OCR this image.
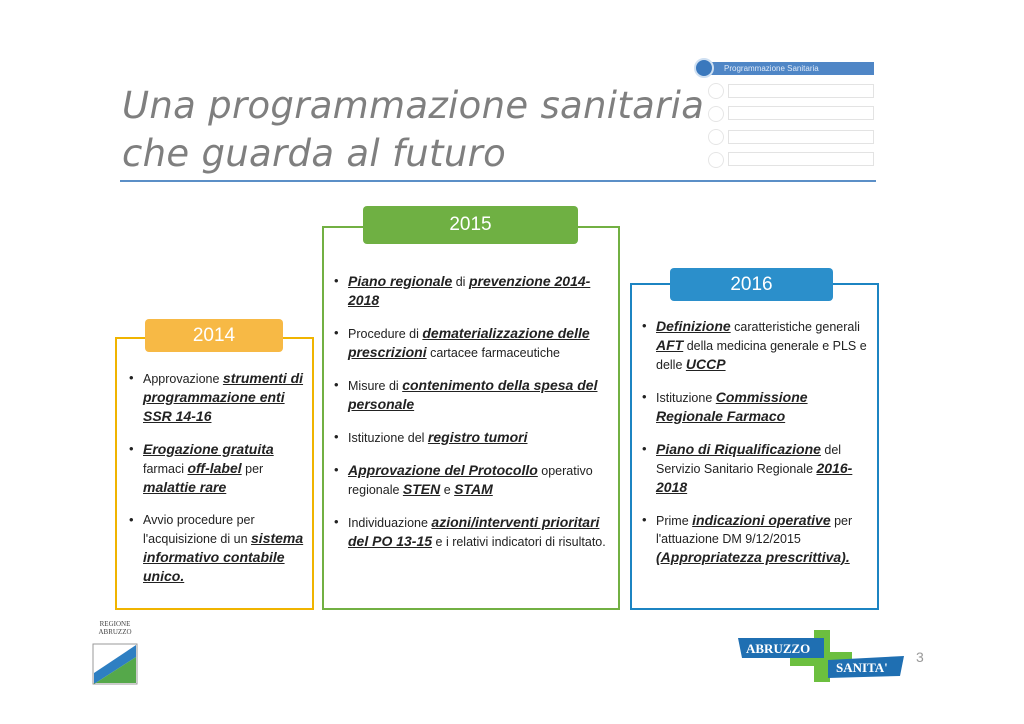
Una programmazione sanitaria
che guarda al futuro
Programmazione Sanitaria
• Approvazione strumenti di programmazione enti SSR 14-16
• Erogazione gratuita farmaci off-label per malattie rare
• Avvio procedure per l'acquisizione di un sistema informativo contabile unico.
2014
• Piano regionale di prevenzione 2014-2018
• Procedure di dematerializzazione delle prescrizioni cartacee farmaceutiche
• Misure di contenimento della spesa del personale
• Istituzione del registro tumori
• Approvazione del Protocollo operativo regionale STEN e STAM
• Individuazione azioni/interventi prioritari del PO 13-15 e i relativi indicatori di risultato.
2015
• Definizione caratteristiche generali AFT della medicina generale e PLS e delle UCCP
• Istituzione Commissione Regionale Farmaco
• Piano di Riqualificazione del Servizio Sanitario Regionale 2016-2018
• Prime indicazioni operative per l'attuazione DM 9/12/2015 (Appropriatezza prescrittiva).
2016
REGIONE
ABRUZZO
ABRUZZO
SANITA'
3
